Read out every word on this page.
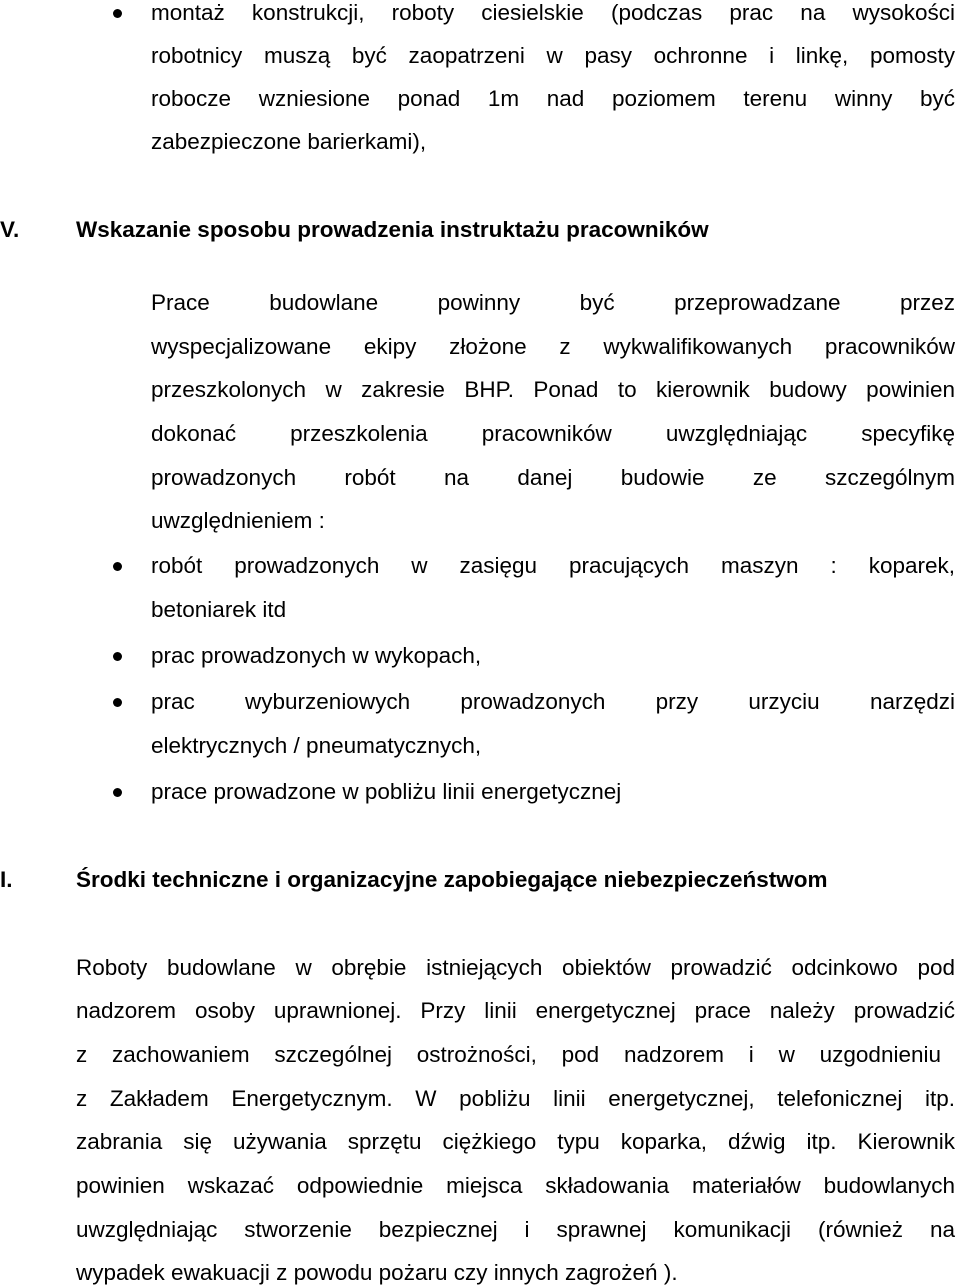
montaż konstrukcji, roboty ciesielskie (podczas prac na wysokości
robotnicy muszą być zaopatrzeni w pasy ochronne i linkę, pomosty
robocze wzniesione ponad 1m nad poziomem terenu winny być
zabezpieczone barierkami),
V.	Wskazanie sposobu prowadzenia instruktażu pracowników
Prace budowlane powinny być przeprowadzane przez
wyspecjalizowane ekipy złożone z wykwalifikowanych pracowników
przeszkolonych w zakresie BHP. Ponad to kierownik budowy powinien
dokonać przeszkolenia pracowników uwzględniając specyfikę
prowadzonych robót na danej budowie ze szczególnym
uwzględnieniem :
robót prowadzonych w zasięgu pracujących maszyn : koparek,
betoniarek itd
prac prowadzonych w wykopach,
prac wyburzeniowych prowadzonych przy urzyciu narzędzi
elektrycznych / pneumatycznych,
prace prowadzone w pobliżu linii energetycznej
I.	Środki techniczne i organizacyjne zapobiegające niebezpieczeństwom
Roboty budowlane w obrębie istniejących obiektów prowadzić odcinkowo pod
nadzorem osoby uprawnionej. Przy linii energetycznej prace należy prowadzić
z zachowaniem szczególnej ostrożności, pod nadzorem i w uzgodnieniu
z Zakładem Energetycznym. W pobliżu linii energetycznej, telefonicznej itp.
zabrania się używania sprzętu ciężkiego typu koparka, dźwig itp. Kierownik
powinien wskazać odpowiednie miejsca składowania materiałów budowlanych
uwzględniając stworzenie bezpiecznej i sprawnej komunikacji (również na
wypadek ewakuacji z powodu pożaru czy innych zagrożeń ).
